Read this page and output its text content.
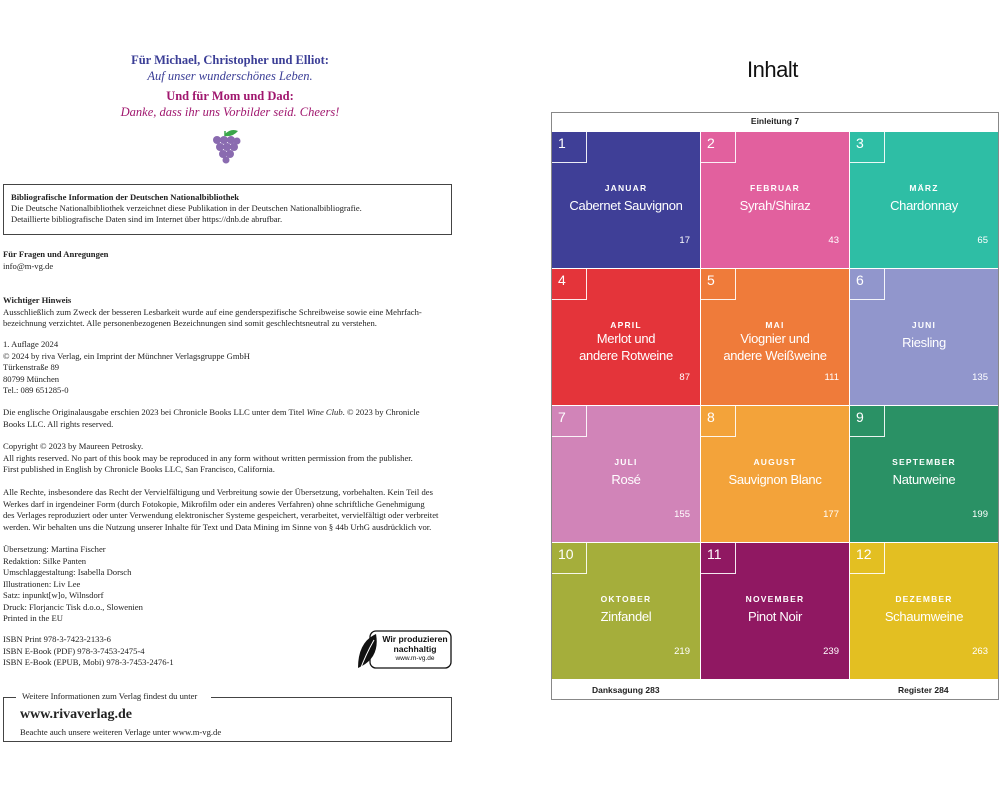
Für Michael, Christopher und Elliot:
Auf unser wunderschönes Leben.
Und für Mom und Dad:
Danke, dass ihr uns Vorbilder seid. Cheers!
Bibliografische Information der Deutschen Nationalbibliothek
Die Deutsche Nationalbibliothek verzeichnet diese Publikation in der Deutschen Nationalbibliografie.
Detaillierte bibliografische Daten sind im Internet über https://dnb.de abrufbar.
Für Fragen und Anregungen
info@m-vg.de
Wichtiger Hinweis
Ausschließlich zum Zweck der besseren Lesbarkeit wurde auf eine genderspezifische Schreibweise sowie eine Mehrfach-
bezeichnung verzichtet. Alle personenbezogenen Bezeichnungen sind somit geschlechtsneutral zu verstehen.
1. Auflage 2024
© 2024 by riva Verlag, ein Imprint der Münchner Verlagsgruppe GmbH
Türkenstraße 89
80799 München
Tel.: 089 651285-0
Die englische Originalausgabe erschien 2023 bei Chronicle Books LLC unter dem Titel Wine Club. © 2023 by Chronicle
Books LLC. All rights reserved.
Copyright © 2023 by Maureen Petrosky.
All rights reserved. No part of this book may be reproduced in any form without written permission from the publisher.
First published in English by Chronicle Books LLC, San Francisco, California.
Alle Rechte, insbesondere das Recht der Vervielfältigung und Verbreitung sowie der Übersetzung, vorbehalten. Kein Teil des
Werkes darf in irgendeiner Form (durch Fotokopie, Mikrofilm oder ein anderes Verfahren) ohne schriftliche Genehmigung
des Verlages reproduziert oder unter Verwendung elektronischer Systeme gespeichert, verarbeitet, vervielfältigt oder verbreitet
werden. Wir behalten uns die Nutzung unserer Inhalte für Text und Data Mining im Sinne von § 44b UrhG ausdrücklich vor.
Übersetzung: Martina Fischer
Redaktion: Silke Panten
Umschlaggestaltung: Isabella Dorsch
Illustrationen: Liv Lee
Satz: inpunkt[w]o, Wilnsdorf
Druck: Florjancic Tisk d.o.o., Slowenien
Printed in the EU
ISBN Print 978-3-7423-2133-6
ISBN E-Book (PDF) 978-3-7453-2475-4
ISBN E-Book (EPUB, Mobi) 978-3-7453-2476-1
Wir produzieren
nachhaltig
www.m-vg.de
Weitere Informationen zum Verlag findest du unter
www.rivaverlag.de
Beachte auch unsere weiteren Verlage unter www.m-vg.de
Inhalt
Einleitung 7
1
JANUAR
Cabernet Sauvignon
17
2
FEBRUAR
Syrah/Shiraz
43
3
MÄRZ
Chardonnay
65
4
APRIL
Merlot und
andere Rotweine
87
5
MAI
Viognier und
andere Weißweine
111
6
JUNI
Riesling
135
7
JULI
Rosé
155
8
AUGUST
Sauvignon Blanc
177
9
SEPTEMBER
Naturweine
199
10
OKTOBER
Zinfandel
219
11
NOVEMBER
Pinot Noir
239
12
DEZEMBER
Schaumweine
263
Danksagung 283	Register 284
